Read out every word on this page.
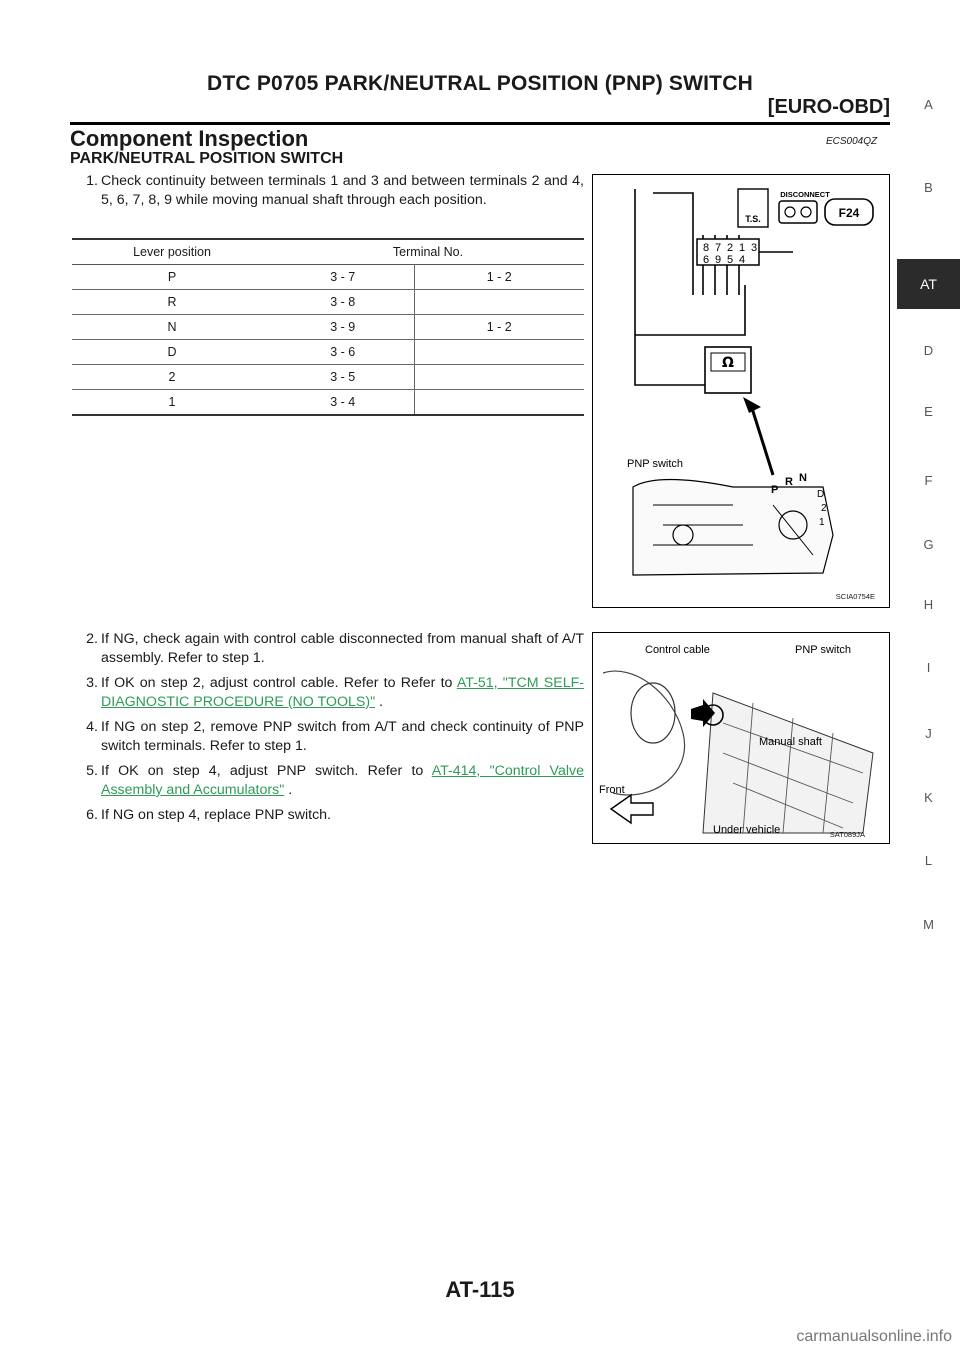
DTC P0705 PARK/NEUTRAL POSITION (PNP) SWITCH
[EURO-OBD]
Component Inspection	ECS004QZ
PARK/NEUTRAL POSITION SWITCH

1. Check continuity between terminals 1 and 3 and between terminals 2 and 4, 5, 6, 7, 8, 9 while moving manual shaft through each position.

Lever position	Terminal No.	
P	3 - 7	1 - 2
R	3 - 8	
N	3 - 9	1 - 2
D	3 - 6	
2	3 - 5	
1	3 - 4	
T.S.
DISCONNECT
F24
8 7 2 1 3
6 9 5 4
Ω
PNP switch
P
R N
D
2
1
SCIA0754E

2. If NG, check again with control cable disconnected from manual shaft of A/T assembly. Refer to step 1.

3. If OK on step 2, adjust control cable. Refer to Refer to AT-51, "TCM SELF-DIAGNOSTIC PROCEDURE (NO TOOLS)" .

4. If NG on step 2, remove PNP switch from A/T and check continuity of PNP switch terminals. Refer to step 1.

5. If OK on step 4, adjust PNP switch. Refer to AT-414, "Control Valve Assembly and Accumulators" .

6. If NG on step 4, replace PNP switch.

Control cable	PNP switch
Manual shaft
Front
Under vehicle	SAT089JA
A
B
AT
D
E
F
G
H
I
J
K
L
M
AT-115
carmanualsonline.info
